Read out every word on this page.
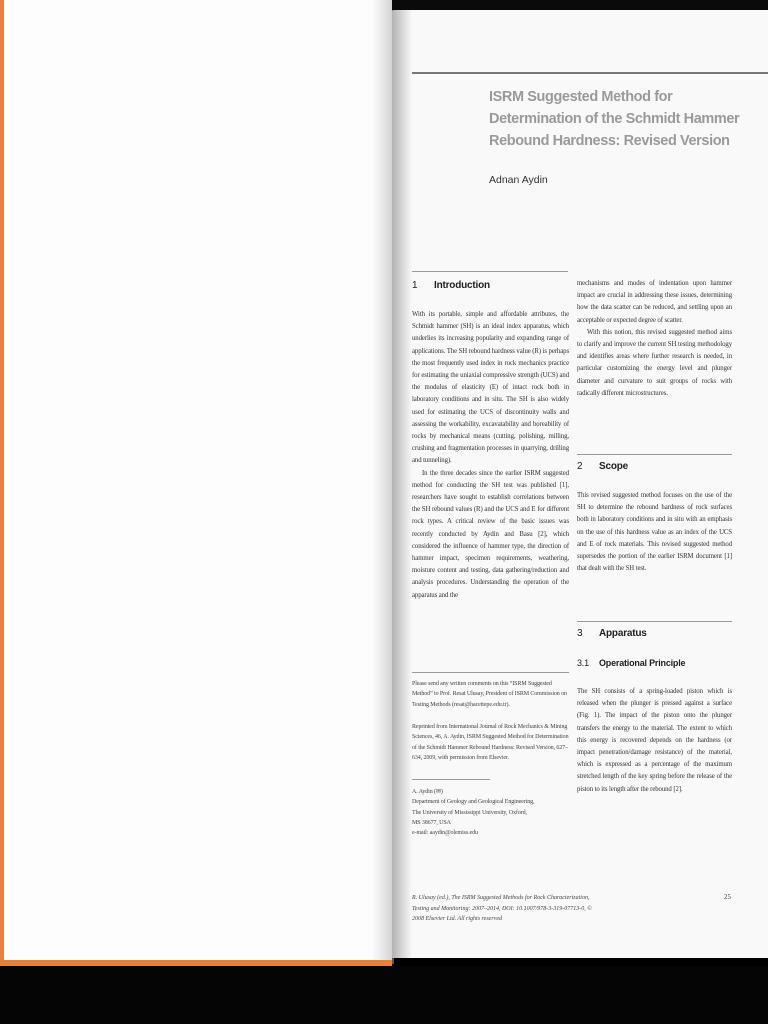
ISRM Suggested Method for Determination of the Schmidt Hammer Rebound Hardness: Revised Version
Adnan Aydin
1 Introduction

With its portable, simple and affordable attributes, the Schmidt hammer (SH) is an ideal index apparatus, which underlies its increasing popularity and expanding range of applications. The SH rebound hardness value (R) is perhaps the most frequently used index in rock mechanics practice for estimating the uniaxial compressive strength (UCS) and the modulus of elasticity (E) of intact rock both in laboratory conditions and in situ. The SH is also widely used for estimating the UCS of discontinuity walls and assessing the workability, excavatability and boreability of rocks by mechanical means (cutting, polishing, milling, crushing and fragmentation processes in quarrying, drilling and tunneling).

In the three decades since the earlier ISRM suggested method for conducting the SH test was published [1], researchers have sought to establish correlations between the SH rebound values (R) and the UCS and E for different rock types. A critical review of the basic issues was recently conducted by Aydin and Basu [2], which considered the influence of hammer type, the direction of hammer impact, specimen requirements, weathering, moisture content and testing, data gathering/reduction and analysis procedures. Understanding the operation of the apparatus and the

Please send any written comments on this “ISRM Suggested Method” to Prof. Resat Ulusay, President of ISRM Commission on Testing Methods (resat@hacettepe.edu.tr).

Reprinted from International Journal of Rock Mechanics & Mining Sciences, 46, A. Aydin, ISRM Suggested Method for Determination of the Schmidt Hammer Rebound Hardness: Revised Version, 627–634, 2009, with permission from Elsevier.

A. Aydin (✉)

Department of Geology and Geological Engineering,

The University of Mississippi University, Oxford,

MS 38677, USA

e-mail: aaydin@olemiss.edu

mechanisms and modes of indentation upon hammer impact are crucial in addressing these issues, determining how the data scatter can be reduced, and settling upon an acceptable or expected degree of scatter.

With this notion, this revised suggested method aims to clarify and improve the current SH testing methodology and identifies areas where further research is needed, in particular customizing the energy level and plunger diameter and curvature to suit groups of rocks with radically different microstructures.

2 Scope

This revised suggested method focuses on the use of the SH to determine the rebound hardness of rock surfaces both in laboratory conditions and in situ with an emphasis on the use of this hardness value as an index of the UCS and E of rock materials. This revised suggested method supersedes the portion of the earlier ISRM document [1] that dealt with the SH test.

3 Apparatus
3.1 Operational Principle

The SH consists of a spring-loaded piston which is released when the plunger is pressed against a surface (Fig. 1). The impact of the piston onto the plunger transfers the energy to the material. The extent to which this energy is recovered depends on the hardness (or impact penetration/damage resistance) of the material, which is expressed as a percentage of the maximum stretched length of the key spring before the release of the piston to its length after the rebound [2].

R. Ulusay (ed.), The ISRM Suggested Methods for Rock Characterization, Testing and Monitoring: 2007–2014, DOI: 10.1007/978-3-319-07713-0, © 2008 Elsevier Ltd. All rights reserved

25
